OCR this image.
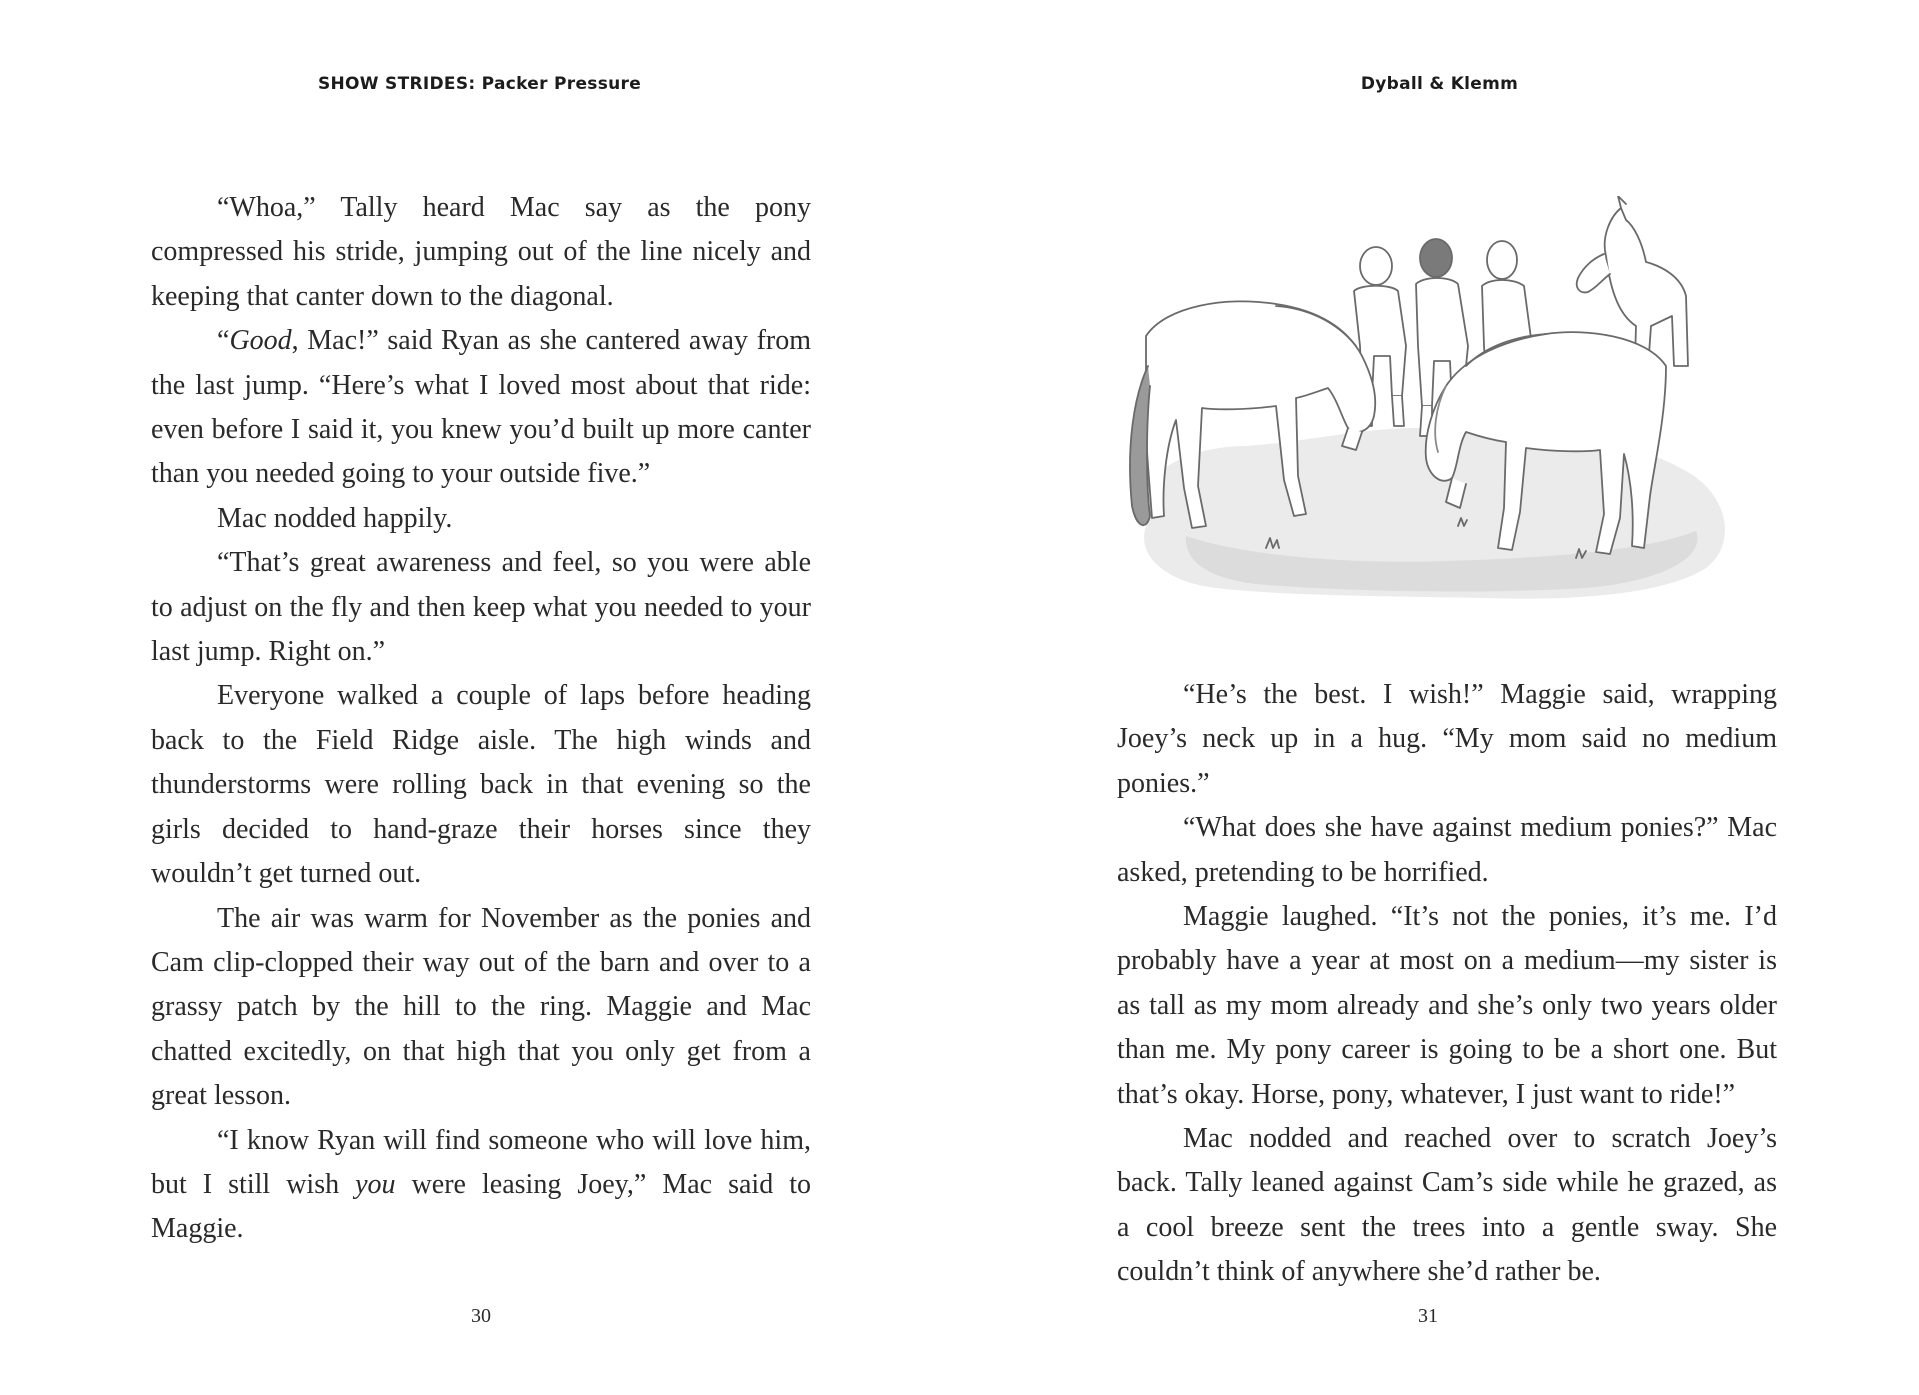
SHOW STRIDES: Packer Pressure

“Whoa,” Tally heard Mac say as the pony compressed his stride, jumping out of the line nicely and keeping that canter down to the diagonal.

“Good, Mac!” said Ryan as she cantered away from the last jump. “Here’s what I loved most about that ride: even before I said it, you knew you’d built up more canter than you needed going to your outside five.”

Mac nodded happily.

“That’s great awareness and feel, so you were able to adjust on the fly and then keep what you needed to your last jump. Right on.”

Everyone walked a couple of laps before heading back to the Field Ridge aisle. The high winds and thunderstorms were rolling back in that evening so the girls decided to hand-graze their horses since they wouldn’t get turned out.

The air was warm for November as the ponies and Cam clip-clopped their way out of the barn and over to a grassy patch by the hill to the ring. Maggie and Mac chatted excitedly, on that high that you only get from a great lesson.

“I know Ryan will find someone who will love him, but I still wish you were leasing Joey,” Mac said to Maggie.

30
Dyball & Klemm

“He’s the best. I wish!” Maggie said, wrapping Joey’s neck up in a hug. “My mom said no medium ponies.”

“What does she have against medium ponies?” Mac asked, pretending to be horrified.

Maggie laughed. “It’s not the ponies, it’s me. I’d probably have a year at most on a medium—my sister is as tall as my mom already and she’s only two years older than me. My pony career is going to be a short one. But that’s okay. Horse, pony, whatever, I just want to ride!”

Mac nodded and reached over to scratch Joey’s back. Tally leaned against Cam’s side while he grazed, as a cool breeze sent the trees into a gentle sway. She couldn’t think of anywhere she’d rather be.

31
